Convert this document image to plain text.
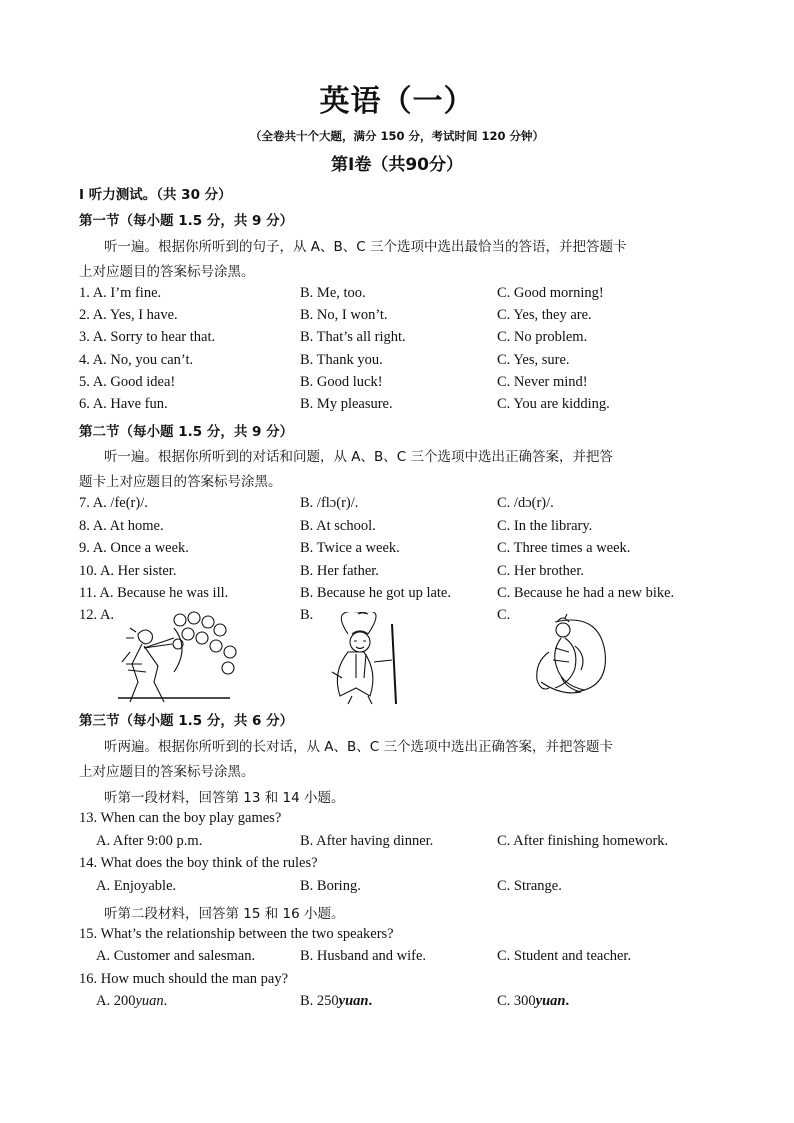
英语（一）
（全卷共十个大题，满分 150 分，考试时间 120 分钟）
第Ⅰ卷（共90分）
Ⅰ 听力测试。（共 30 分）
第一节（每小题 1.5 分，共 9 分）
听一遍。根据你所听到的句子，从 A、B、C 三个选项中选出最恰当的答语，并把答题卡
上对应题目的答案标号涂黑。
1. A. I’m fine.	B. Me, too.	C. Good morning!
2. A. Yes, I have.	B. No, I won’t.	C. Yes, they are.
3. A. Sorry to hear that.	B. That’s all right.	C. No problem.
4. A. No, you can’t.	B. Thank you.	C. Yes, sure.
5. A. Good idea!	B. Good luck!	C. Never mind!
6. A. Have fun.	B. My pleasure.	C. You are kidding.
第二节（每小题 1.5 分，共 9 分）
听一遍。根据你所听到的对话和问题，从 A、B、C 三个选项中选出正确答案，并把答
题卡上对应题目的答案标号涂黑。
7. A. /fe(r)/.	B. /flɔ(r)/.	C. /dɔ(r)/.
8. A. At home.	B. At school.	C. In the library.
9. A. Once a week.	B. Twice a week.	C. Three times a week.
10. A. Her sister.	B. Her father.	C. Her brother.
11. A. Because he was ill.	B. Because he got up late.	C. Because he had a new bike.
12. A.	B.	C.
第三节（每小题 1.5 分，共 6 分）
听两遍。根据你所听到的长对话，从 A、B、C 三个选项中选出正确答案，并把答题卡
上对应题目的答案标号涂黑。
听第一段材料，回答第 13 和 14 小题。
13. When can the boy play games?
A. After 9:00 p.m.	B. After having dinner.	C. After finishing homework.
14. What does the boy think of the rules?
A. Enjoyable.	B. Boring.	C. Strange.
听第二段材料，回答第 15 和 16 小题。
15. What’s the relationship between the two speakers?
A. Customer and salesman.	B. Husband and wife.	C. Student and teacher.
16. How much should the man pay?
A. 200yuan.	B. 250yuan.	C. 300yuan.
